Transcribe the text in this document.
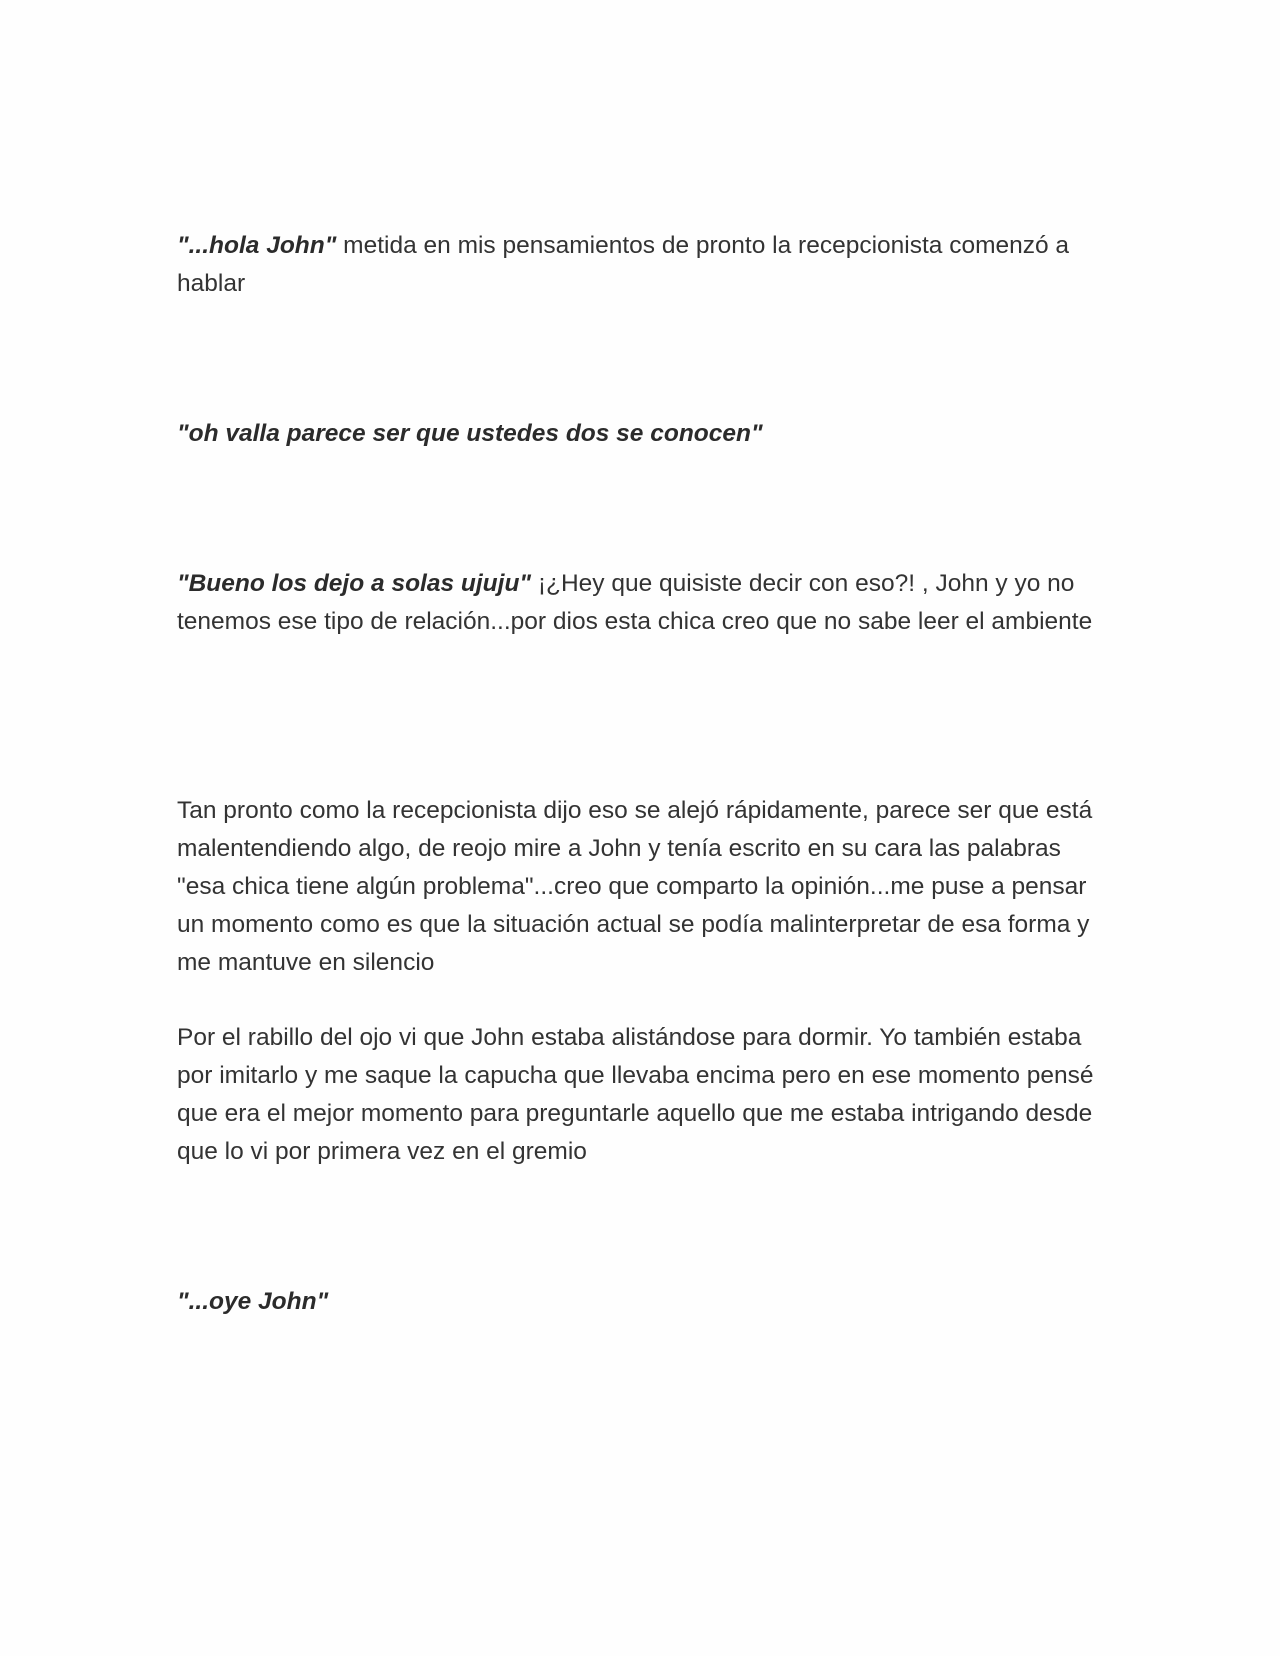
"...hola John" metida en mis pensamientos de pronto la recepcionista comenzó a hablar

"oh valla parece ser que ustedes dos se conocen"

"Bueno los dejo a solas ujuju" ¡¿Hey que quisiste decir con eso?! , John y yo no tenemos ese tipo de relación...por dios esta chica creo que no sabe leer el ambiente

Tan pronto como la recepcionista dijo eso se alejó rápidamente, parece ser que está malentendiendo algo, de reojo mire a John y tenía escrito en su cara las palabras "esa chica tiene algún problema"...creo que comparto la opinión...me puse a pensar un momento como es que la situación actual se podía malinterpretar de esa forma y me mantuve en silencio

Por el rabillo del ojo vi que John estaba alistándose para dormir. Yo también estaba por imitarlo y me saque la capucha que llevaba encima pero en ese momento pensé que era el mejor momento para preguntarle aquello que me estaba intrigando desde que lo vi por primera vez en el gremio

"...oye John"
